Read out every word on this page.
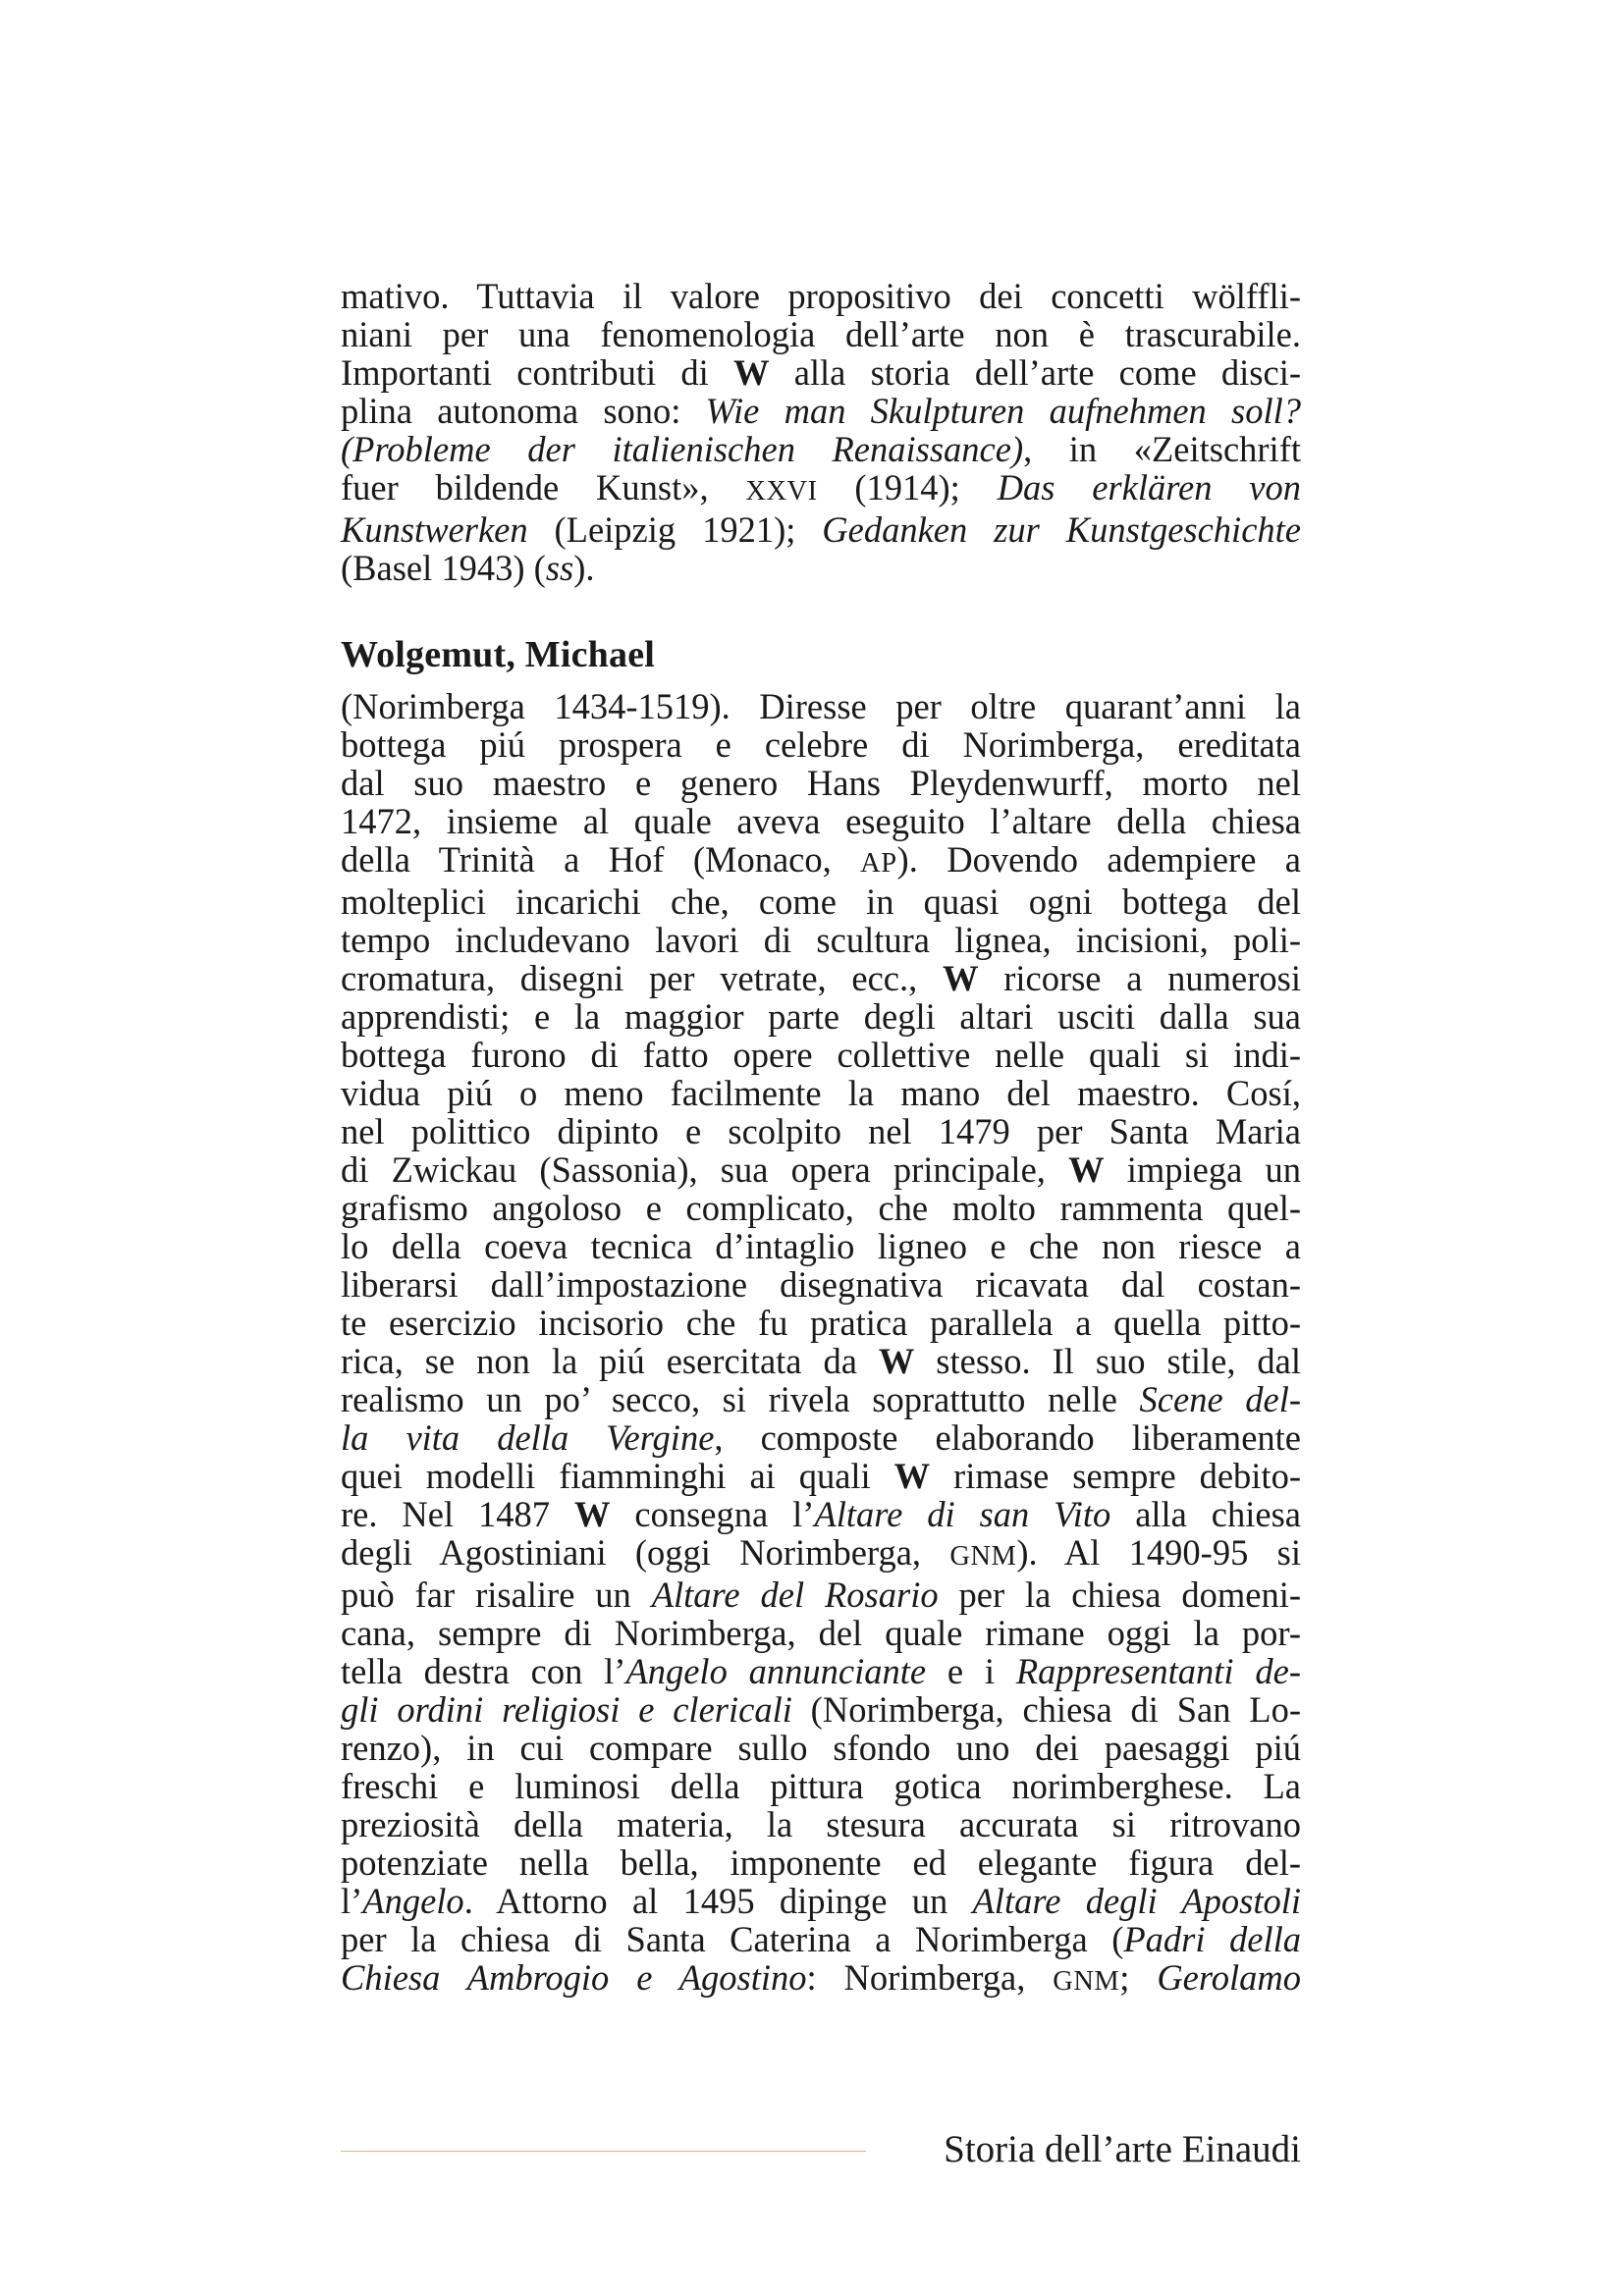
mativo. Tuttavia il valore propositivo dei concetti wölffli-
niani per una fenomenologia dell’arte non è trascurabile.
Importanti contributi di W alla storia dell’arte come disci-
plina autonoma sono: Wie man Skulpturen aufnehmen soll?
(Probleme der italienischen Renaissance), in «Zeitschrift
fuer bildende Kunst», XXVI (1914); Das erklären von
Kunstwerken (Leipzig 1921); Gedanken zur Kunstgeschichte
(Basel 1943) (ss).
Wolgemut, Michael
(Norimberga 1434-1519). Diresse per oltre quarant’anni la
bottega piú prospera e celebre di Norimberga, ereditata
dal suo maestro e genero Hans Pleydenwurff, morto nel
1472, insieme al quale aveva eseguito l’altare della chiesa
della Trinità a Hof (Monaco, AP). Dovendo adempiere a
molteplici incarichi che, come in quasi ogni bottega del
tempo includevano lavori di scultura lignea, incisioni, poli-
cromatura, disegni per vetrate, ecc., W ricorse a numerosi
apprendisti; e la maggior parte degli altari usciti dalla sua
bottega furono di fatto opere collettive nelle quali si indi-
vidua piú o meno facilmente la mano del maestro. Cosí,
nel polittico dipinto e scolpito nel 1479 per Santa Maria
di Zwickau (Sassonia), sua opera principale, W impiega un
grafismo angoloso e complicato, che molto rammenta quel-
lo della coeva tecnica d’intaglio ligneo e che non riesce a
liberarsi dall’impostazione disegnativa ricavata dal costan-
te esercizio incisorio che fu pratica parallela a quella pitto-
rica, se non la piú esercitata da W stesso. Il suo stile, dal
realismo un po’ secco, si rivela soprattutto nelle Scene del-
la vita della Vergine, composte elaborando liberamente
quei modelli fiamminghi ai quali W rimase sempre debito-
re. Nel 1487 W consegna l’Altare di san Vito alla chiesa
degli Agostiniani (oggi Norimberga, GNM). Al 1490-95 si
può far risalire un Altare del Rosario per la chiesa domeni-
cana, sempre di Norimberga, del quale rimane oggi la por-
tella destra con l’Angelo annunciante e i Rappresentanti de-
gli ordini religiosi e clericali (Norimberga, chiesa di San Lo-
renzo), in cui compare sullo sfondo uno dei paesaggi piú
freschi e luminosi della pittura gotica norimberghese. La
preziosità della materia, la stesura accurata si ritrovano
potenziate nella bella, imponente ed elegante figura del-
l’Angelo. Attorno al 1495 dipinge un Altare degli Apostoli
per la chiesa di Santa Caterina a Norimberga (Padri della
Chiesa Ambrogio e Agostino: Norimberga, GNM; Gerolamo
Storia dell’arte Einaudi
